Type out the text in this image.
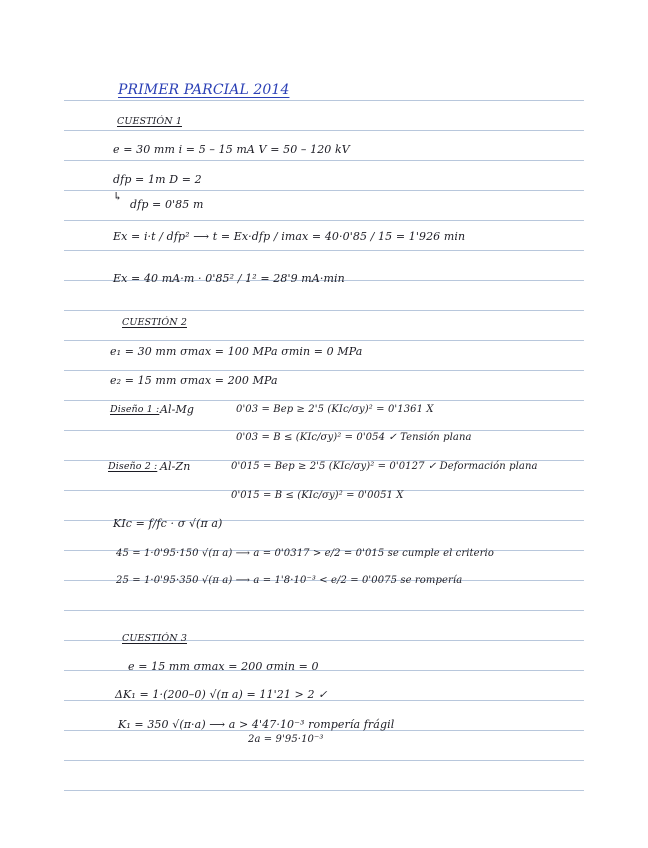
PRIMER PARCIAL 2014
CUESTIÓN 1
e = 30 mm i = 5 – 15 mA V = 50 – 120 kV
dfp = 1m D = 2
↳
dfp = 0'85 m
Ex = i·t / dfp² ⟶ t = Ex·dfp / imax = 40·0'85 / 15 = 1'926 min
Ex = 40 mA·m · 0'85² / 1² = 28'9 mA·min
CUESTIÓN 2
e₁ = 30 mm σmax = 100 MPa σmin = 0 MPa
e₂ = 15 mm σmax = 200 MPa
Diseño 1 : Al-Mg	0'03 = Bep ≥ 2'5 (KIc/σy)² = 0'1361 X
0'03 = B ≤ (KIc/σy)² = 0'054 ✓ Tensión plana
Diseño 2 : Al-Zn	0'015 = Bep ≥ 2'5 (KIc/σy)² = 0'0127 ✓ Deformación plana
0'015 = B ≤ (KIc/σy)² = 0'0051 X
KIc = f/fc · σ √(π a)
45 = 1·0'95·150 √(π a) ⟶ a = 0'0317 > e/2 = 0'015 se cumple el criterio
25 = 1·0'95·350 √(π a) ⟶ a = 1'8·10⁻³ < e/2 = 0'0075 se rompería
CUESTIÓN 3
e = 15 mm σmax = 200 σmin = 0
ΔK₁ = 1·(200–0) √(π a) = 11'21 > 2 ✓
K₁ = 350 √(π·a) ⟶ a > 4'47·10⁻³ rompería frágil
2a = 9'95·10⁻³
